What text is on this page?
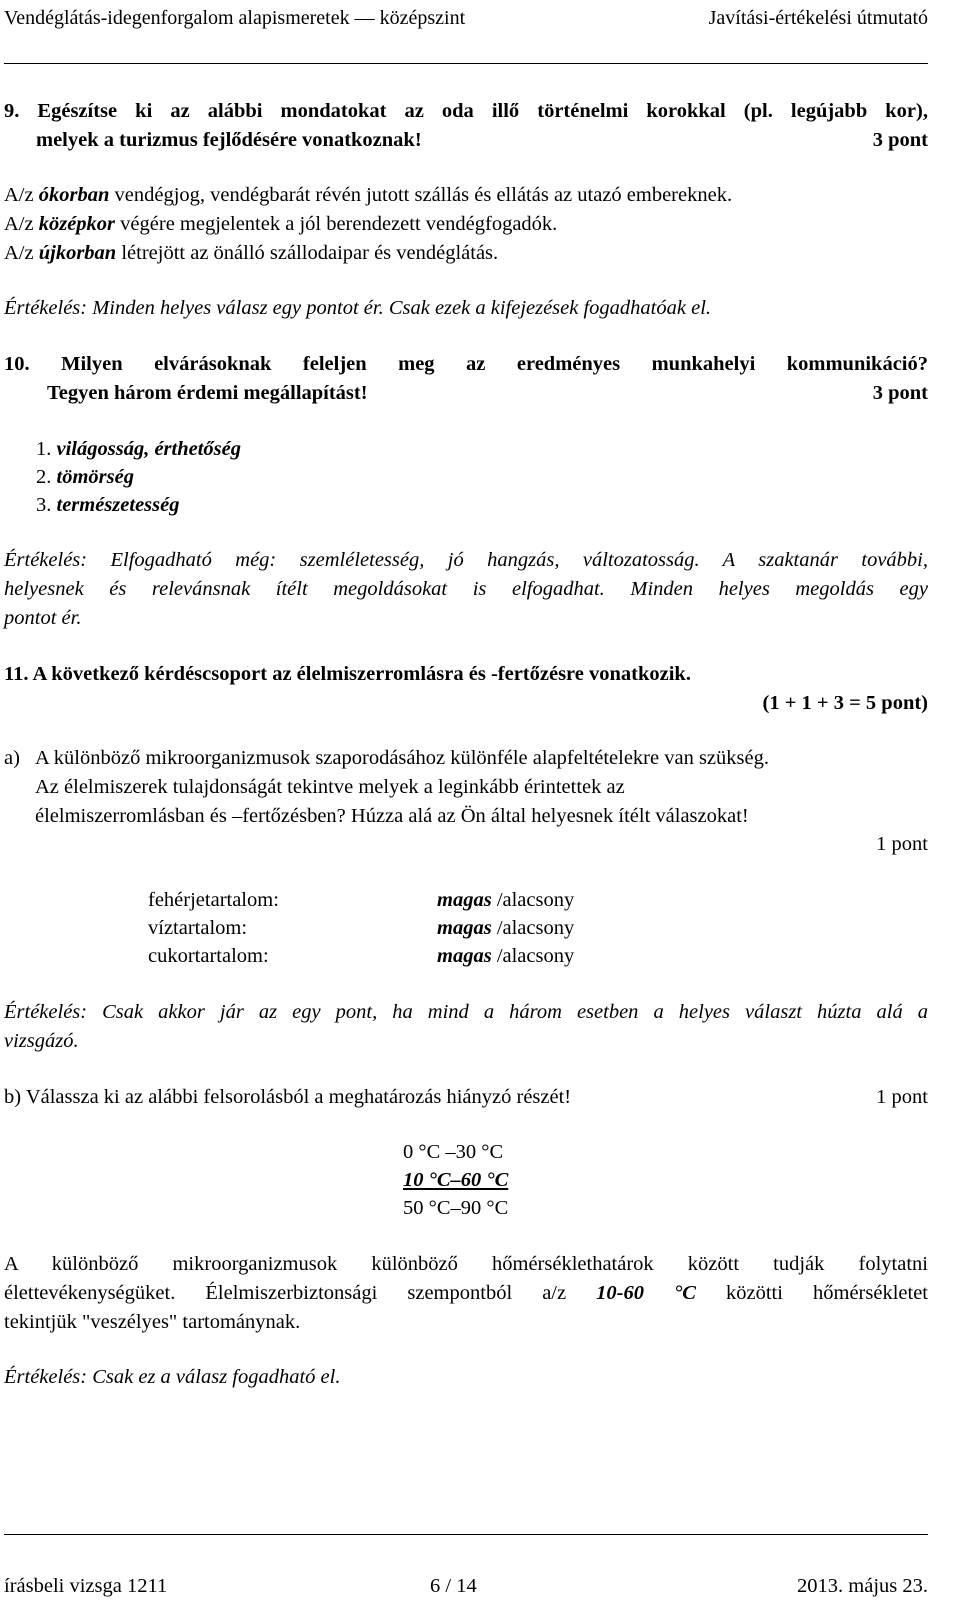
Vendéglátás-idegenforgalom alapismeretek — középszint	Javítási-értékelési útmutató
9. Egészítse ki az alábbi mondatokat az oda illő történelmi korokkal (pl. legújabb kor),
melyek a turizmus fejlődésére vonatkoznak!	3 pont
A/z ókorban vendégjog, vendégbarát révén jutott szállás és ellátás az utazó embereknek.
A/z középkor végére megjelentek a jól berendezett vendégfogadók.
A/z újkorban létrejött az önálló szállodaipar és vendéglátás.
Értékelés: Minden helyes válasz egy pontot ér. Csak ezek a kifejezések fogadhatóak el.
10. Milyen elvárásoknak feleljen meg az eredményes munkahelyi kommunikáció?
Tegyen három érdemi megállapítást!	3 pont
1. világosság, érthetőség
2. tömörség
3. természetesség
Értékelés: Elfogadható még: szemléletesség, jó hangzás, változatosság. A szaktanár további,
helyesnek és relevánsnak ítélt megoldásokat is elfogadhat. Minden helyes megoldás egy
pontot ér.
11. A következő kérdéscsoport az élelmiszerromlásra és -fertőzésre vonatkozik.
(1 + 1 + 3 = 5 pont)
a) A különböző mikroorganizmusok szaporodásához különféle alapfeltételekre van szükség.
Az élelmiszerek tulajdonságát tekintve melyek a leginkább érintettek az
élelmiszerromlásban és –fertőzésben? Húzza alá az Ön által helyesnek ítélt válaszokat!
1 pont
fehérjetartalom:	magas /alacsony
víztartalom:	magas /alacsony
cukortartalom:	magas /alacsony
Értékelés: Csak akkor jár az egy pont, ha mind a három esetben a helyes választ húzta alá a
vizsgázó.
b) Válassza ki az alábbi felsorolásból a meghatározás hiányzó részét!	1 pont
0 °C –30 °C
10 °C–60 °C
50 °C–90 °C
A különböző mikroorganizmusok különböző hőmérséklethatárok között tudják folytatni
élettevékenységüket. Élelmiszerbiztonsági szempontból a/z 10-60 °C közötti hőmérsékletet
tekintjük "veszélyes" tartománynak.
Értékelés: Csak ez a válasz fogadható el.
írásbeli vizsga 1211	6 / 14	2013. május 23.
